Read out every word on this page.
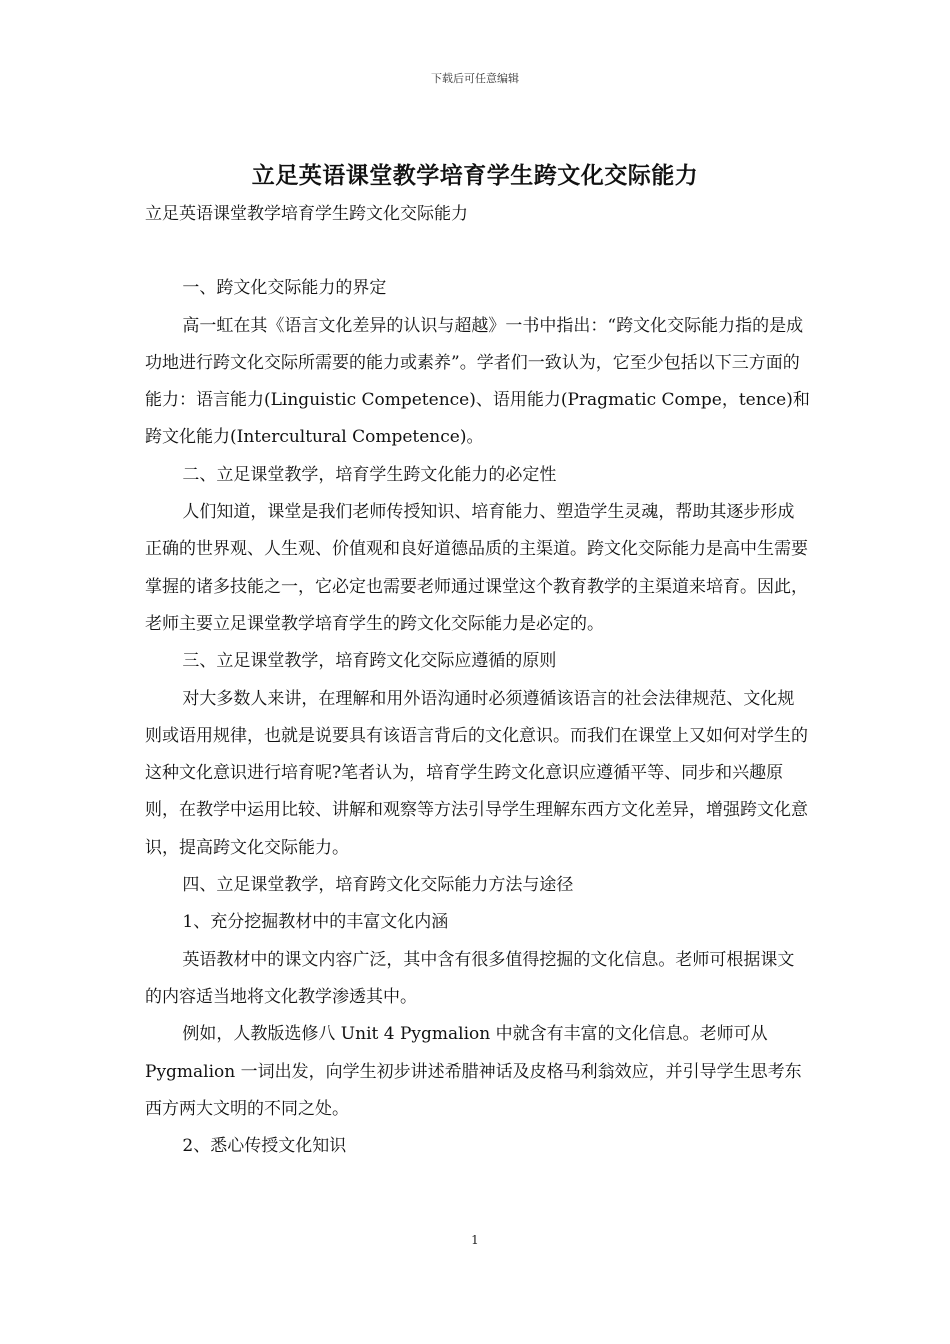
下载后可任意编辑
立足英语课堂教学培育学生跨文化交际能力

立足英语课堂教学培育学生跨文化交际能力

一、跨文化交际能力的界定

高一虹在其《语言文化差异的认识与超越》一书中指出：“跨文化交际能力指的是成功地进行跨文化交际所需要的能力或素养”。学者们一致认为，它至少包括以下三方面的能力：语言能力(Linguistic Competence)、语用能力(Pragmatic Compe，tence)和跨文化能力(Intercultural Competence)。

二、立足课堂教学，培育学生跨文化能力的必定性

人们知道，课堂是我们老师传授知识、培育能力、塑造学生灵魂，帮助其逐步形成正确的世界观、人生观、价值观和良好道德品质的主渠道。跨文化交际能力是高中生需要掌握的诸多技能之一，它必定也需要老师通过课堂这个教育教学的主渠道来培育。因此，老师主要立足课堂教学培育学生的跨文化交际能力是必定的。

三、立足课堂教学，培育跨文化交际应遵循的原则

对大多数人来讲，在理解和用外语沟通时必须遵循该语言的社会法律规范、文化规则或语用规律，也就是说要具有该语言背后的文化意识。而我们在课堂上又如何对学生的这种文化意识进行培育呢?笔者认为，培育学生跨文化意识应遵循平等、同步和兴趣原则，在教学中运用比较、讲解和观察等方法引导学生理解东西方文化差异，增强跨文化意识，提高跨文化交际能力。

四、立足课堂教学，培育跨文化交际能力方法与途径

1、充分挖掘教材中的丰富文化内涵

英语教材中的课文内容广泛，其中含有很多值得挖掘的文化信息。老师可根据课文的内容适当地将文化教学渗透其中。

例如，人教版选修八 Unit 4 Pygmalion 中就含有丰富的文化信息。老师可从 Pygmalion 一词出发，向学生初步讲述希腊神话及皮格马利翁效应，并引导学生思考东西方两大文明的不同之处。

2、悉心传授文化知识

1
